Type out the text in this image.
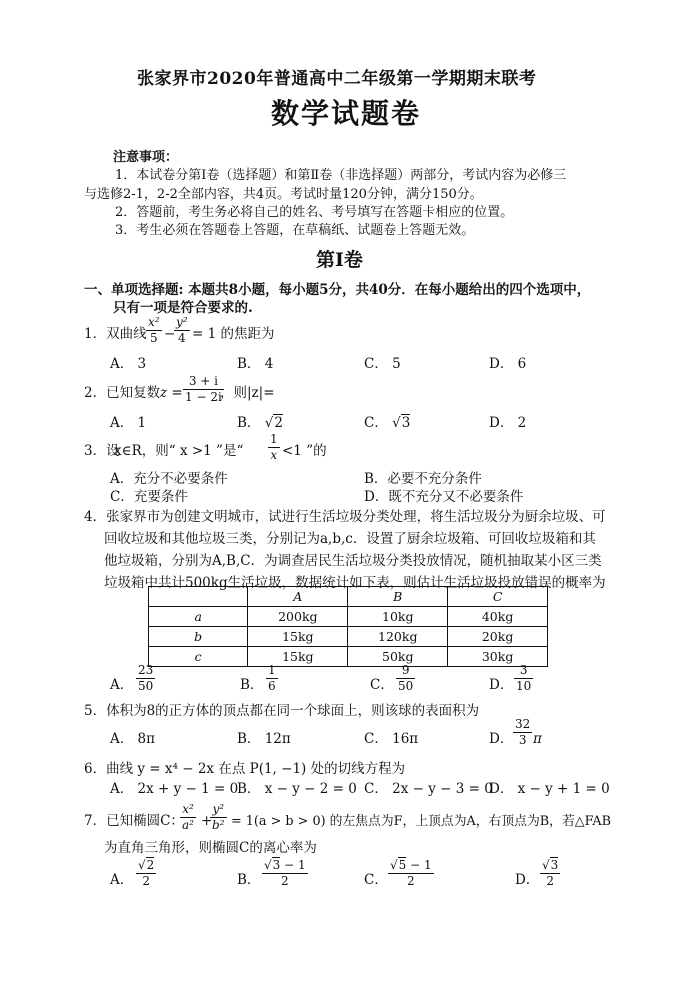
张家界市2020年普通高中二年级第一学期期末联考
数学试题卷
注意事项：
1．本试卷分第Ⅰ卷（选择题）和第Ⅱ卷（非选择题）两部分，考试内容为必修三
与选修2-1，2-2全部内容，共4页。考试时量120分钟，满分150分。
2．答题前，考生务必将自己的姓名、考号填写在答题卡相应的位置。
3．考生必须在答题卷上答题，在草稿纸、试题卷上答题无效。
第Ⅰ卷
一、单项选择题: 本题共8小题，每小题5分，共40分．在每小题给出的四个选项中，
只有一项是符合要求的.
1．双曲线
x²
5 −
y²
4 = 1 的焦距为
A． 3	B． 4	C． 5	D． 6
2．已知复数 z =
3 + i
1 − 2i
，则|z|=
A． 1	B． √2	C． √3	D． 2
3．设
x∈R，则“ x >1 ”是“
1
x <1 ”的
A．充分不必要条件	B．必要不充分条件
C．充要条件	D．既不充分又不必要条件
4．张家界市为创建文明城市，试进行生活垃圾分类处理，将生活垃圾分为厨余垃圾、可
回收垃圾和其他垃圾三类，分别记为a,b,c．设置了厨余垃圾箱、可回收垃圾箱和其
他垃圾箱，分别为A,B,C．为调查居民生活垃圾分类投放情况，随机抽取某小区三类
垃圾箱中共计500kg生活垃圾，数据统计如下表，则估计生活垃圾投放错误的概率为
	A	B	C
a	200kg	10kg	40kg
b	15kg	120kg	20kg
c	15kg	50kg	30kg
A．
23
50	B．
1
6	C．
9
50	D．
3
10
5．体积为8的正方体的顶点都在同一个球面上，则该球的表面积为
A． 8π	B． 12π	C． 16π	D．
32
3 π
6．曲线 y = x⁴ − 2x 在点 P(1, −1) 处的切线方程为
A． 2x + y − 1 = 0
B． x − y − 2 = 0 C． 2x − y − 3 = 0
D． x − y + 1 = 0
7．已知椭圆C：
x²
a² +
y²
b² = 1(a > b > 0) 的左焦点为F，上顶点为A，右顶点为B，若△FAB
为直角三角形，则椭圆C的离心率为
A．
√2
2	B．
√3 − 1
2	C．
√5 − 1
2	D．
√3
2
